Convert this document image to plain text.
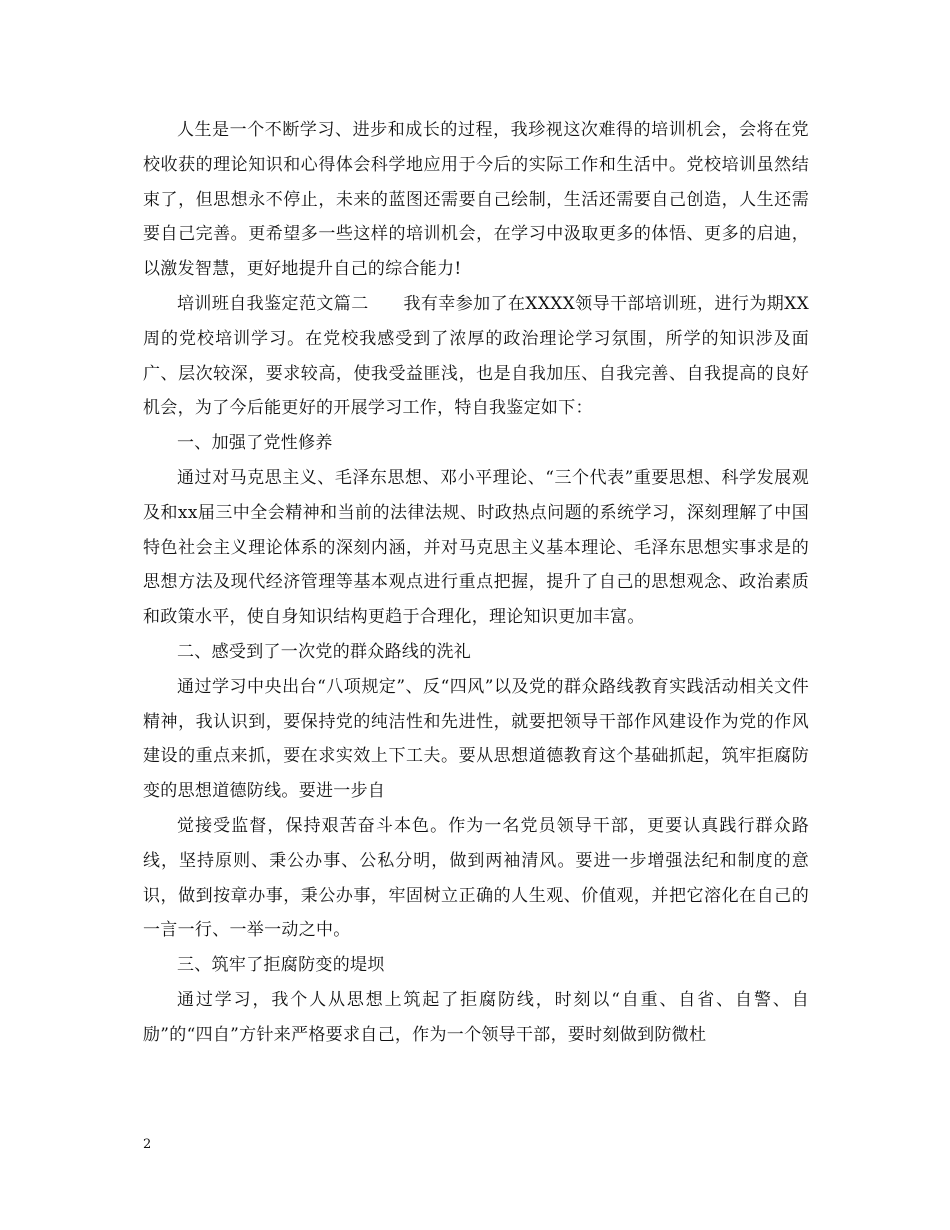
人生是一个不断学习、进步和成长的过程，我珍视这次难得的培训机会，会将在党校收获的理论知识和心得体会科学地应用于今后的实际工作和生活中。党校培训虽然结束了，但思想永不停止，未来的蓝图还需要自己绘制，生活还需要自己创造，人生还需要自己完善。更希望多一些这样的培训机会，在学习中汲取更多的体悟、更多的启迪，以激发智慧，更好地提升自己的综合能力!

培训班自我鉴定范文篇二　　我有幸参加了在XXXX领导干部培训班，进行为期XX周的党校培训学习。在党校我感受到了浓厚的政治理论学习氛围，所学的知识涉及面广、层次较深，要求较高，使我受益匪浅，也是自我加压、自我完善、自我提高的良好机会，为了今后能更好的开展学习工作，特自我鉴定如下：

一、加强了党性修养

通过对马克思主义、毛泽东思想、邓小平理论、“三个代表”重要思想、科学发展观及和xx届三中全会精神和当前的法律法规、时政热点问题的系统学习，深刻理解了中国特色社会主义理论体系的深刻内涵，并对马克思主义基本理论、毛泽东思想实事求是的思想方法及现代经济管理等基本观点进行重点把握，提升了自己的思想观念、政治素质和政策水平，使自身知识结构更趋于合理化，理论知识更加丰富。

二、感受到了一次党的群众路线的洗礼

通过学习中央出台“八项规定”、反“四风”以及党的群众路线教育实践活动相关文件精神，我认识到，要保持党的纯洁性和先进性，就要把领导干部作风建设作为党的作风建设的重点来抓，要在求实效上下工夫。要从思想道德教育这个基础抓起，筑牢拒腐防变的思想道德防线。要进一步自

觉接受监督，保持艰苦奋斗本色。作为一名党员领导干部，更要认真践行群众路线，坚持原则、秉公办事、公私分明，做到两袖清风。要进一步增强法纪和制度的意识，做到按章办事，秉公办事，牢固树立正确的人生观、价值观，并把它溶化在自己的一言一行、一举一动之中。

三、筑牢了拒腐防变的堤坝

通过学习，我个人从思想上筑起了拒腐防线，时刻以“自重、自省、自警、自励”的“四自”方针来严格要求自己，作为一个领导干部，要时刻做到防微杜

2
